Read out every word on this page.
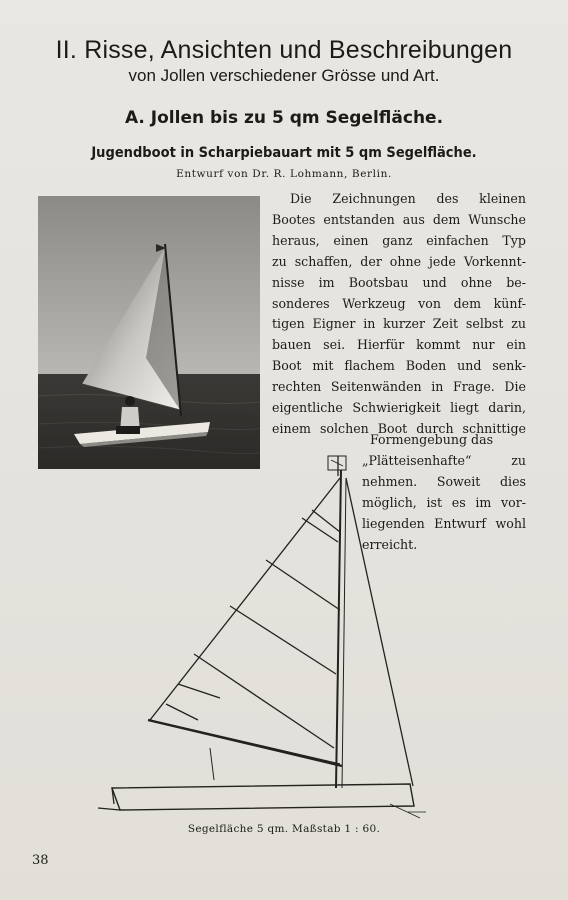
II. Risse, Ansichten und Beschreibungen
von Jollen verschiedener Grösse und Art.
A. Jollen bis zu 5 qm Segelfläche.
Jugendboot in Scharpiebauart mit 5 qm Segelfläche.
Entwurf von Dr. R. Lohmann, Berlin.

Die Zeichnungen des kleinen

Bootes entstanden aus dem Wunsche

heraus, einen ganz einfachen Typ

zu schaffen, der ohne jede Vorkennt-

nisse im Bootsbau und ohne be-

sonderes Werkzeug von dem künf-

tigen Eigner in kurzer Zeit selbst zu

bauen sei. Hierfür kommt nur ein

Boot mit flachem Boden und senk-

rechten Seitenwänden in Frage. Die

eigentliche Schwierigkeit liegt darin,

einem solchen Boot durch schnittige

Formengebung das

„Plätteisenhafte“ zu

nehmen. Soweit dies

möglich, ist es im vor-

liegenden Entwurf wohl

erreicht.

Segelfläche 5 qm. Maßstab 1 : 60.
38
